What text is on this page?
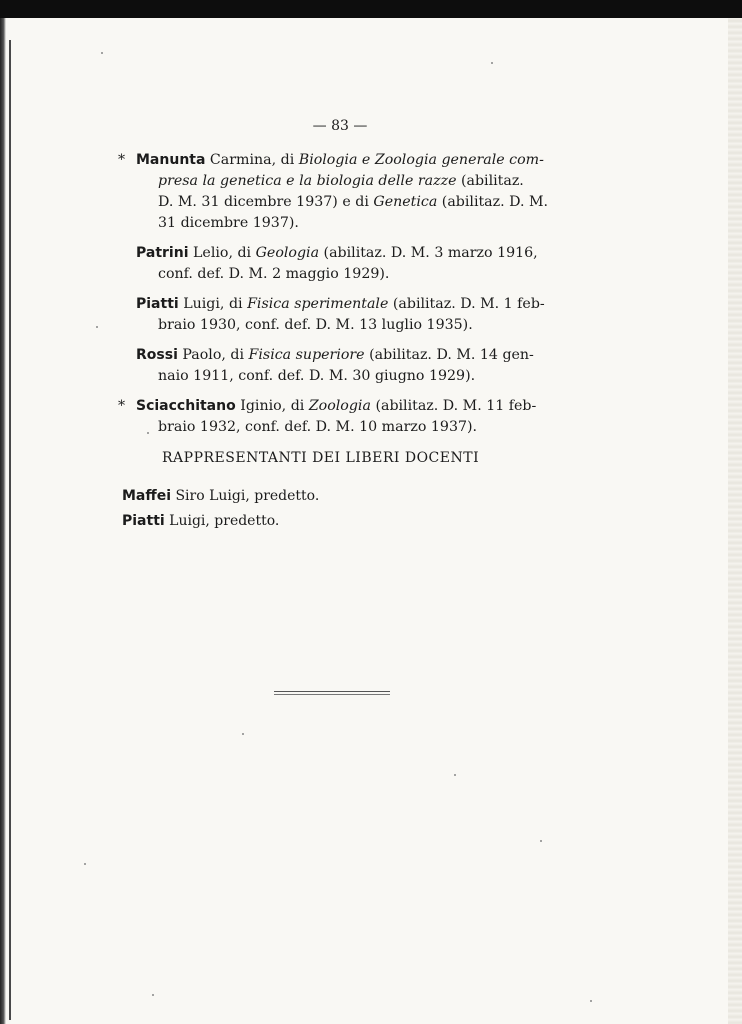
— 83 —
* Manunta Carmina, di Biologia e Zoologia generale com-
presa la genetica e la biologia delle razze (abilitaz.
D. M. 31 dicembre 1937) e di Genetica (abilitaz. D. M.
31 dicembre 1937).
Patrini Lelio, di Geologia (abilitaz. D. M. 3 marzo 1916,
conf. def. D. M. 2 maggio 1929).
Piatti Luigi, di Fisica sperimentale (abilitaz. D. M. 1 feb-
braio 1930, conf. def. D. M. 13 luglio 1935).
Rossi Paolo, di Fisica superiore (abilitaz. D. M. 14 gen-
naio 1911, conf. def. D. M. 30 giugno 1929).
* Sciacchitano Iginio, di Zoologia (abilitaz. D. M. 11 feb-
braio 1932, conf. def. D. M. 10 marzo 1937).
RAPPRESENTANTI DEI LIBERI DOCENTI
Maffei Siro Luigi, predetto.
Piatti Luigi, predetto.
